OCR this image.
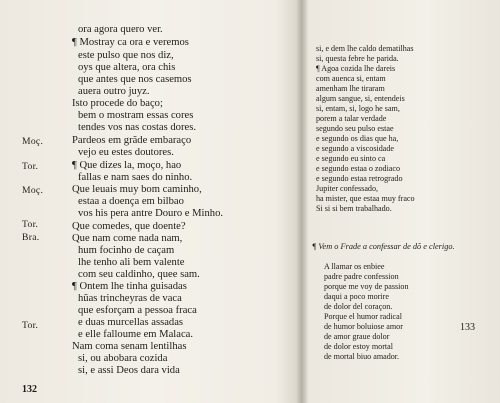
ora agora quero ver.
¶ Mostray ca ora e veremos
este pulso que nos diz,
oys que altera, ora chis
que antes que nos casemos
auera outro juyz.
Isto procede do baço;
bem o mostram essas cores
tendes vos nas costas dores.
Pardeos em grãde embaraço
vejo eu estes doutores.
¶ Que dizes la, moço, hao
fallas e nam saes do ninho.
Que leuais muy bom caminho,
estaa a doença em bilbao
vos his pera antre Douro e Minho.
Que comedes, que doente?
Que nam come nada nam,
hum focinho de caçam
lhe tenho ali bem valente
com seu caldinho, quee sam.
¶ Ontem lhe tinha guisadas
hũas trincheyras de vaca
que esforçam a pessoa fraca
e duas murcellas assadas
e elle falloume em Malaca.
Nam coma senam lentilhas
si, ou abobara cozida
si, e assi Deos dara vida
Moç.
Tor.
Moç.
Tor.
Bra.
Tor.
132
si, e dem lhe caldo dematilhas
si, questa febre he parida.
¶ Agoa cozida lhe dareis
com auenca si, entam
amenham lhe tiraram
algum sangue, si, entendeis
si, entam, si, logo he sam,
porem a talar verdade
segundo seu pulso estae
e segundo os dias que ha,
e segundo a viscosidade
e segundo eu sinto ca
e segundo estaa o zodiaco
e segundo estaa retrogrado
Jupiter confessado,
ha mister, que estaa muy fraco
Si si si bem trabalhado.
¶ Vem o Frade a confessar de dõ e clerigo.
A llamar os enbiee
padre padre confession
porque me voy de passion
daqui a poco morire
de dolor del coraçon.
Porque el humor radical
de humor boluiose amor
de amor graue dolor
de dolor estoy mortal
de mortal biuo amador.
133
